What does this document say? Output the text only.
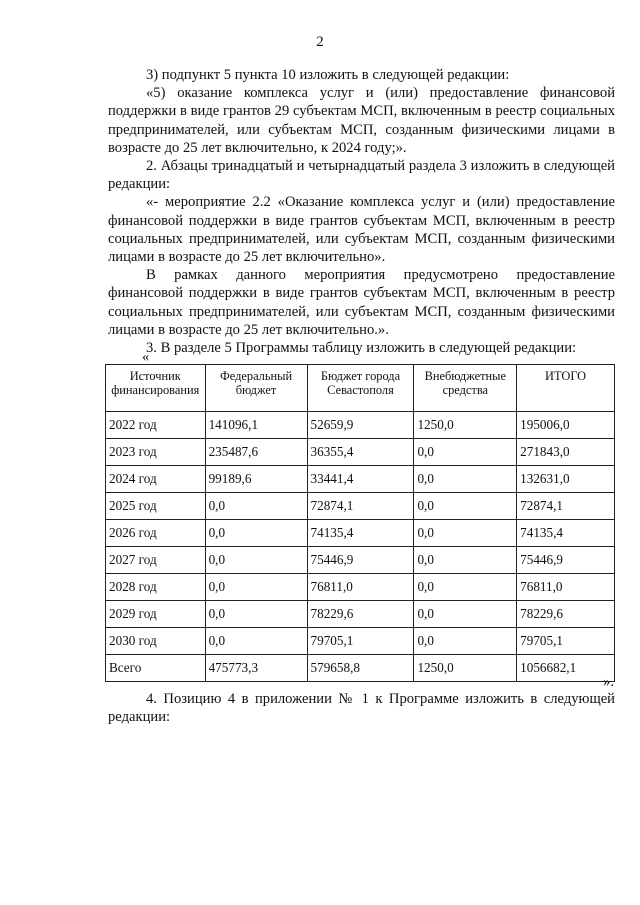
2

3) подпункт 5 пункта 10 изложить в следующей редакции:

«5) оказание комплекса услуг и (или) предоставление финансовой поддержки в виде грантов 29 субъектам МСП, включенным в реестр социальных предпринимателей, или субъектам МСП, созданным физическими лицами в возрасте до 25 лет включительно, к 2024 году;».

2. Абзацы тринадцатый и четырнадцатый раздела 3 изложить в следующей редакции:

«- мероприятие 2.2 «Оказание комплекса услуг и (или) предоставление финансовой поддержки в виде грантов субъектам МСП, включенным в реестр социальных предпринимателей, или субъектам МСП, созданным физическими лицами в возрасте до 25 лет включительно».

В рамках данного мероприятия предусмотрено предоставление финансовой поддержки в виде грантов субъектам МСП, включенным в реестр социальных предпринимателей, или субъектам МСП, созданным физическими лицами в возрасте до 25 лет включительно.».

3. В разделе 5 Программы таблицу изложить в следующей редакции:

«
Источник финансирования	Федеральный бюджет	Бюджет города Севастополя	Внебюджетные средства	ИТОГО
2022 год	141096,1	52659,9	1250,0	195006,0
2023 год	235487,6	36355,4	0,0	271843,0
2024 год	99189,6	33441,4	0,0	132631,0
2025 год	0,0	72874,1	0,0	72874,1
2026 год	0,0	74135,4	0,0	74135,4
2027 год	0,0	75446,9	0,0	75446,9
2028 год	0,0	76811,0	0,0	76811,0
2029 год	0,0	78229,6	0,0	78229,6
2030 год	0,0	79705,1	0,0	79705,1
Всего	475773,3	579658,8	1250,0	1056682,1
».

4. Позицию 4 в приложении № 1 к Программе изложить в следующей редакции:
